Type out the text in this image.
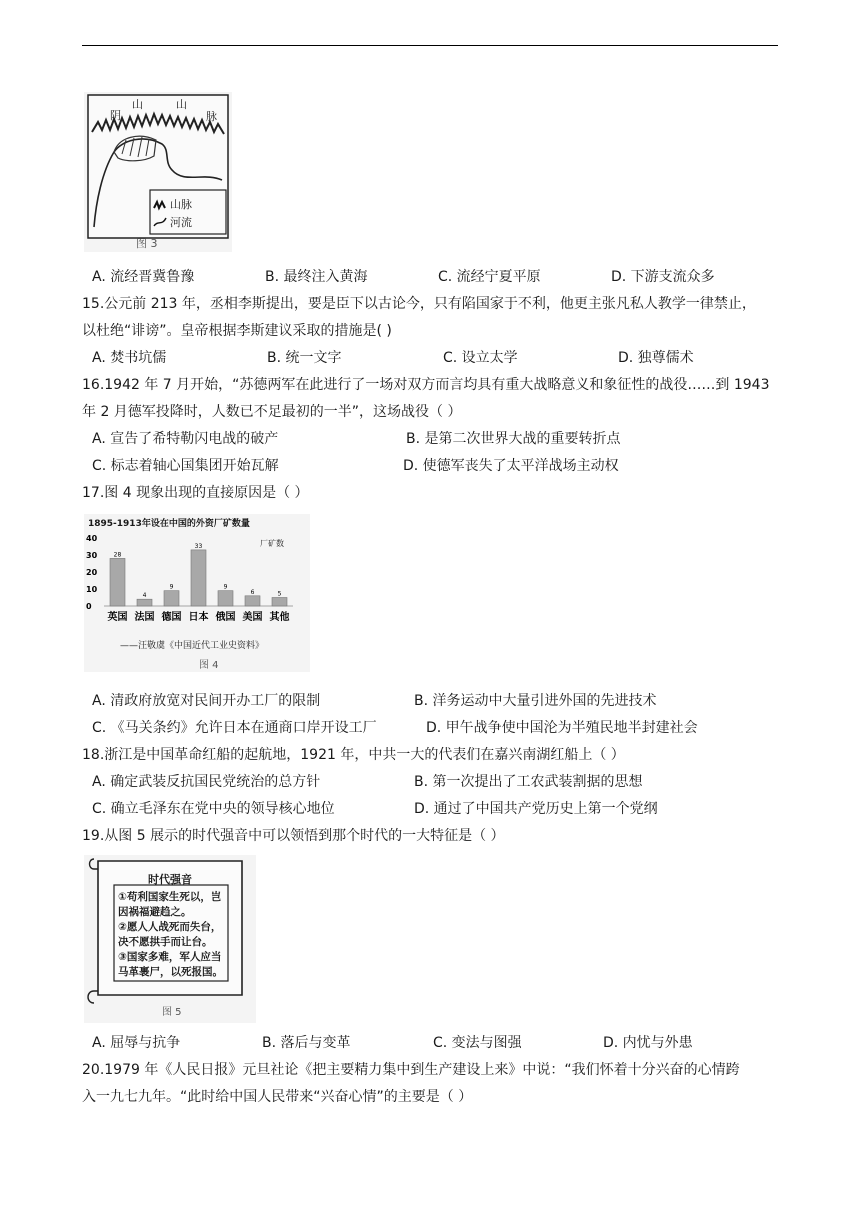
阴
山	山
脉
山脉
河流
图 3
A. 流经晋冀鲁豫	B. 最终注入黄海	C. 流经宁夏平原	D. 下游支流众多
15.公元前 213 年，丞相李斯提出，要是臣下以古论今，只有陷国家于不利，他更主张凡私人教学一律禁止，
以杜绝“诽谤”。皇帝根据李斯建议采取的措施是( )
A. 焚书坑儒	B. 统一文字	C. 设立太学	D. 独尊儒术
16.1942 年 7 月开始，“苏德两军在此进行了一场对双方而言均具有重大战略意义和象征性的战役……到 1943
年 2 月德军投降时，人数已不足最初的一半”，这场战役（ ）
A. 宣告了希特勒闪电战的破产	B. 是第二次世界大战的重要转折点
C. 标志着轴心国集团开始瓦解	D. 使德军丧失了太平洋战场主动权
17.图 4 现象出现的直接原因是（ ）
1895-1913年设在中国的外资厂矿数量
厂矿数
40
30
20
10
0
28
英国
4
法国
9
德国
33
日本
9
俄国
6
美国
5
其他
——汪敬虞《中国近代工业史资料》
图 4
A. 清政府放宽对民间开办工厂的限制	B. 洋务运动中大量引进外国的先进技术
C. 《马关条约》允许日本在通商口岸开设工厂	D. 甲午战争使中国沦为半殖民地半封建社会
18.浙江是中国革命红船的起航地，1921 年，中共一大的代表们在嘉兴南湖红船上（ ）
A. 确定武装反抗国民党统治的总方针	B. 第一次提出了工农武装割据的思想
C. 确立毛泽东在党中央的领导核心地位	D. 通过了中国共产党历史上第一个党纲
19.从图 5 展示的时代强音中可以领悟到那个时代的一大特征是（ ）
时代强音
①苟利国家生死以，岂
因祸福避趋之。
②愿人人战死而失台，
决不愿拱手而让台。
③国家多难，军人应当
马革裹尸，以死报国。
图 5
A. 屈辱与抗争	B. 落后与变革	C. 变法与图强	D. 内忧与外患
20.1979 年《人民日报》元旦社论《把主要精力集中到生产建设上来》中说：“我们怀着十分兴奋的心情跨
入一九七九年。“此时给中国人民带来“兴奋心情”的主要是（ ）
